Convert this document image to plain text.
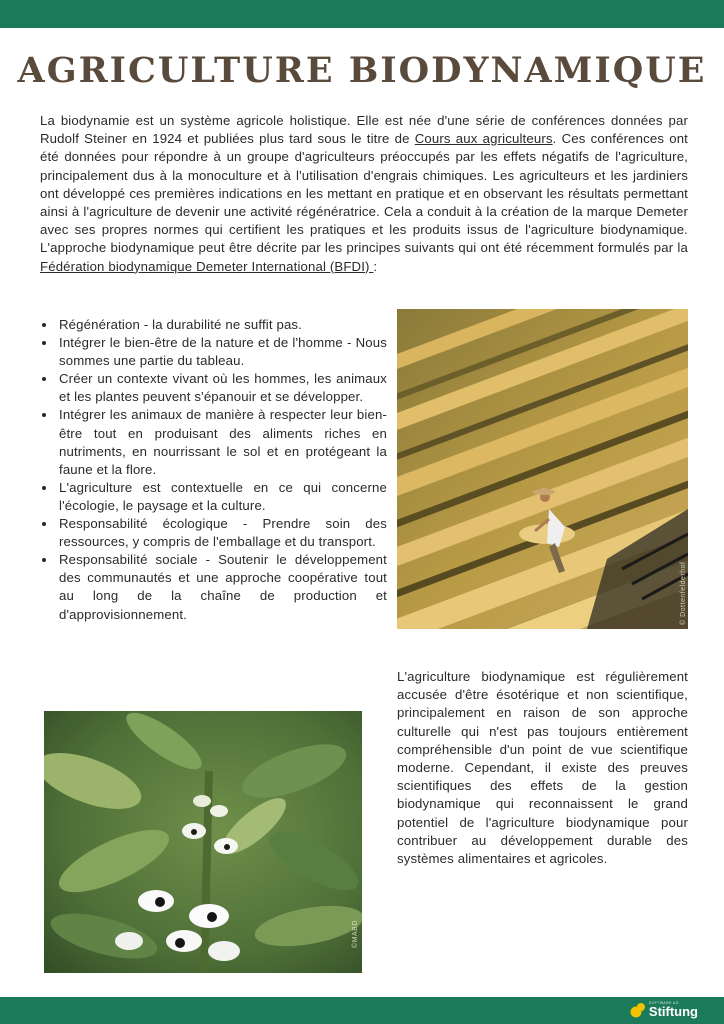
AGRICULTURE BIODYNAMIQUE

La biodynamie est un système agricole holistique. Elle est née d'une série de conférences données par Rudolf Steiner en 1924 et publiées plus tard sous le titre de Cours aux agriculteurs. Ces conférences ont été données pour répondre à un groupe d'agriculteurs préoccupés par les effets négatifs de l'agriculture, principalement dus à la monoculture et à l'utilisation d'engrais chimiques. Les agriculteurs et les jardiniers ont développé ces premières indications en les mettant en pratique et en observant les résultats permettant ainsi à l'agriculture de devenir une activité régénératrice. Cela a conduit à la création de la marque Demeter avec ses propres normes qui certifient les pratiques et les produits issus de l'agriculture biodynamique. L'approche biodynamique peut être décrite par les principes suivants qui ont été récemment formulés par la Fédération biodynamique Demeter International (BFDI) :

• Régénération - la durabilité ne suffit pas.
• Intégrer le bien-être de la nature et de l'homme - Nous sommes une partie du tableau.
• Créer un contexte vivant où les hommes, les animaux et les plantes peuvent s'épanouir et se développer.
• Intégrer les animaux de manière à respecter leur bien-être tout en produisant des aliments riches en nutriments, en nourrissant le sol et en protégeant la faune et la flore.
• L'agriculture est contextuelle en ce qui concerne l'écologie, le paysage et la culture.
• Responsabilité écologique - Prendre soin des ressources, y compris de l'emballage et du transport.
• Responsabilité sociale - Soutenir le développement des communautés et une approche coopérative tout au long de la chaîne de production et d'approvisionnement.	© Dottenfelderhof

L'agriculture biodynamique est régulièrement accusée d'être ésotérique et non scientifique, principalement en raison de son approche culturelle qui n'est pas toujours entièrement compréhensible d'un point de vue scientifique moderne. Cependant, il existe des preuves scientifiques des effets de la gestion biodynamique qui reconnaissent le grand potentiel de l'agriculture biodynamique pour contribuer au développement durable des systèmes alimentaires et agricoles.

©MABD
SOFTWARE AG
Stiftung
